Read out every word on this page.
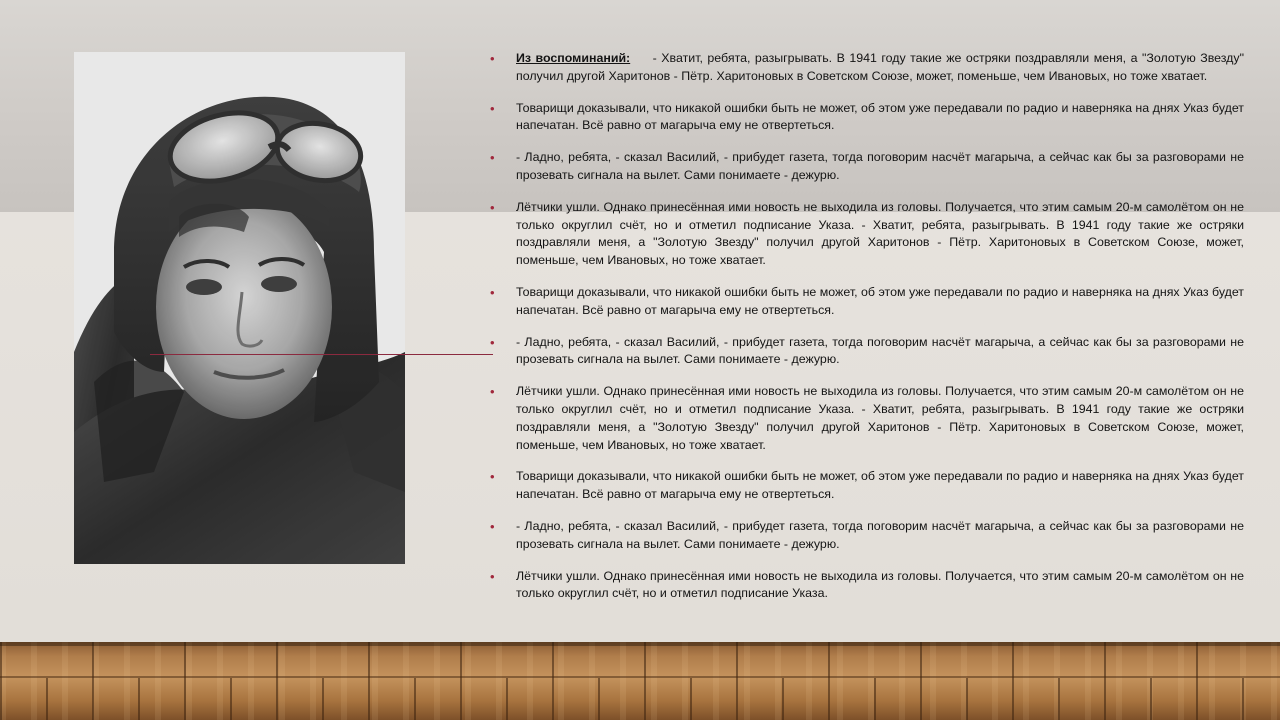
• Из воспоминаний: - Хватит, ребята, разыгрывать. В 1941 году такие же остряки поздравляли меня, а "Золотую Звезду" получил другой Харитонов - Пётр. Харитоновых в Советском Союзе, может, поменьше, чем Ивановых, но тоже хватает.

• Товарищи доказывали, что никакой ошибки быть не может, об этом уже передавали по радио и наверняка на днях Указ будет напечатан. Всё равно от магарыча ему не отвертеться.

• - Ладно, ребята, - сказал Василий, - прибудет газета, тогда поговорим насчёт магарыча, а сейчас как бы за разговорами не прозевать сигнала на вылет. Сами понимаете - дежурю.

• Лётчики ушли. Однако принесённая ими новость не выходила из головы. Получается, что этим самым 20-м самолётом он не только округлил счёт, но и отметил подписание Указа. - Хватит, ребята, разыгрывать. В 1941 году такие же остряки поздравляли меня, а "Золотую Звезду" получил другой Харитонов - Пётр. Харитоновых в Советском Союзе, может, поменьше, чем Ивановых, но тоже хватает.

• Товарищи доказывали, что никакой ошибки быть не может, об этом уже передавали по радио и наверняка на днях Указ будет напечатан. Всё равно от магарыча ему не отвертеться.

• - Ладно, ребята, - сказал Василий, - прибудет газета, тогда поговорим насчёт магарыча, а сейчас как бы за разговорами не прозевать сигнала на вылет. Сами понимаете - дежурю.

• Лётчики ушли. Однако принесённая ими новость не выходила из головы. Получается, что этим самым 20-м самолётом он не только округлил счёт, но и отметил подписание Указа. - Хватит, ребята, разыгрывать. В 1941 году такие же остряки поздравляли меня, а "Золотую Звезду" получил другой Харитонов - Пётр. Харитоновых в Советском Союзе, может, поменьше, чем Ивановых, но тоже хватает.

• Товарищи доказывали, что никакой ошибки быть не может, об этом уже передавали по радио и наверняка на днях Указ будет напечатан. Всё равно от магарыча ему не отвертеться.

• - Ладно, ребята, - сказал Василий, - прибудет газета, тогда поговорим насчёт магарыча, а сейчас как бы за разговорами не прозевать сигнала на вылет. Сами понимаете - дежурю.

• Лётчики ушли. Однако принесённая ими новость не выходила из головы. Получается, что этим самым 20-м самолётом он не только округлил счёт, но и отметил подписание Указа.
